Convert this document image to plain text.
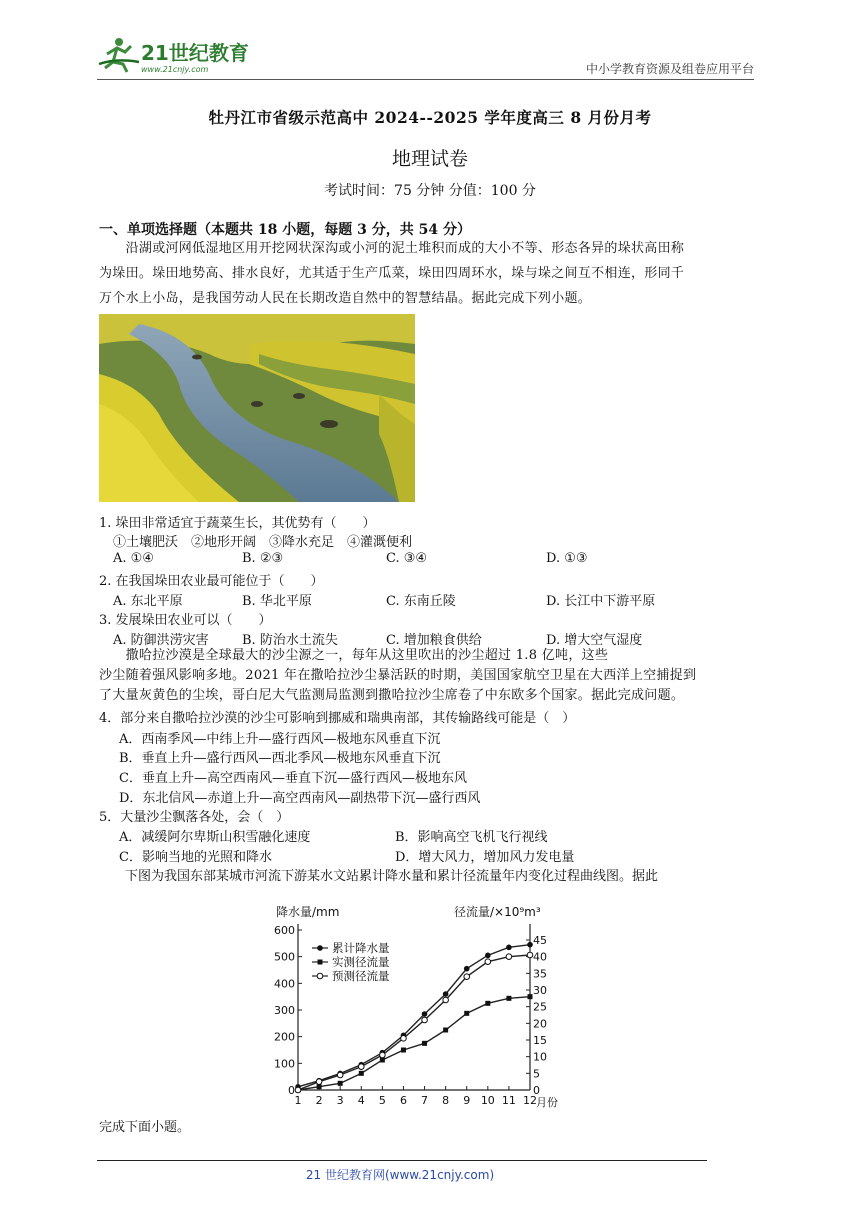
21世纪教育
www.21cnjy.com	中小学教育资源及组卷应用平台
牡丹江市省级示范高中 2024--2025 学年度高三 8 月份月考
地理试卷
考试时间：75 分钟 分值：100 分
一、单项选择题（本题共 18 小题，每题 3 分，共 54 分）
　　沿湖或河网低湿地区用开挖网状深沟或小河的泥土堆积而成的大小不等、形态各异的垛状高田称
为垛田。垛田地势高、排水良好，尤其适于生产瓜菜，垛田四周环水，垛与垛之间互不相连，形同千
万个水上小岛，是我国劳动人民在长期改造自然中的智慧结晶。据此完成下列小题。
1. 垛田非常适宜于蔬菜生长，其优势有（　　）
①土壤肥沃　②地形开阔　③降水充足　④灌溉便利
A. ①④	B. ②③	C. ③④	D. ①③
2. 在我国垛田农业最可能位于（　　）
A. 东北平原	B. 华北平原	C. 东南丘陵	D. 长江中下游平原
3. 发展垛田农业可以（　　）
A. 防御洪涝灾害	B. 防治水土流失	C. 增加粮食供给	D. 增大空气湿度
　　撒哈拉沙漠是全球最大的沙尘源之一，每年从这里吹出的沙尘超过 1.8 亿吨，这些
沙尘随着强风影响多地。2021 年在撒哈拉沙尘暴活跃的时期，美国国家航空卫星在大西洋上空捕捉到
了大量灰黄色的尘埃，哥白尼大气监测局监测到撒哈拉沙尘席卷了中东欧多个国家。据此完成问题。
4．部分来自撒哈拉沙漠的沙尘可影响到挪威和瑞典南部，其传输路线可能是（　）
A．西南季风—中纬上升—盛行西风—极地东风垂直下沉
B．垂直上升—盛行西风—西北季风—极地东风垂直下沉
C．垂直上升—高空西南风—垂直下沉—盛行西风—极地东风
D．东北信风—赤道上升—高空西南风—副热带下沉—盛行西风
5．大量沙尘飘落各处，会（　）
A．减缓阿尔卑斯山积雪融化速度	B．影响高空飞机飞行视线
C．影响当地的光照和降水	D．增大风力，增加风力发电量
　　下图为我国东部某城市河流下游某水文站累计降水量和累计径流量年内变化过程曲线图。据此
降水量/mm	径流量/×10⁹m³
月份
0
100
200
300
400
500
600
0
5
10
15
20
25
30
35
40
45
1 2 3 4 5 6 7 8 9 10 11 12
累计降水量
实测径流量
预测径流量
完成下面小题。
21 世纪教育网(www.21cnjy.com)
